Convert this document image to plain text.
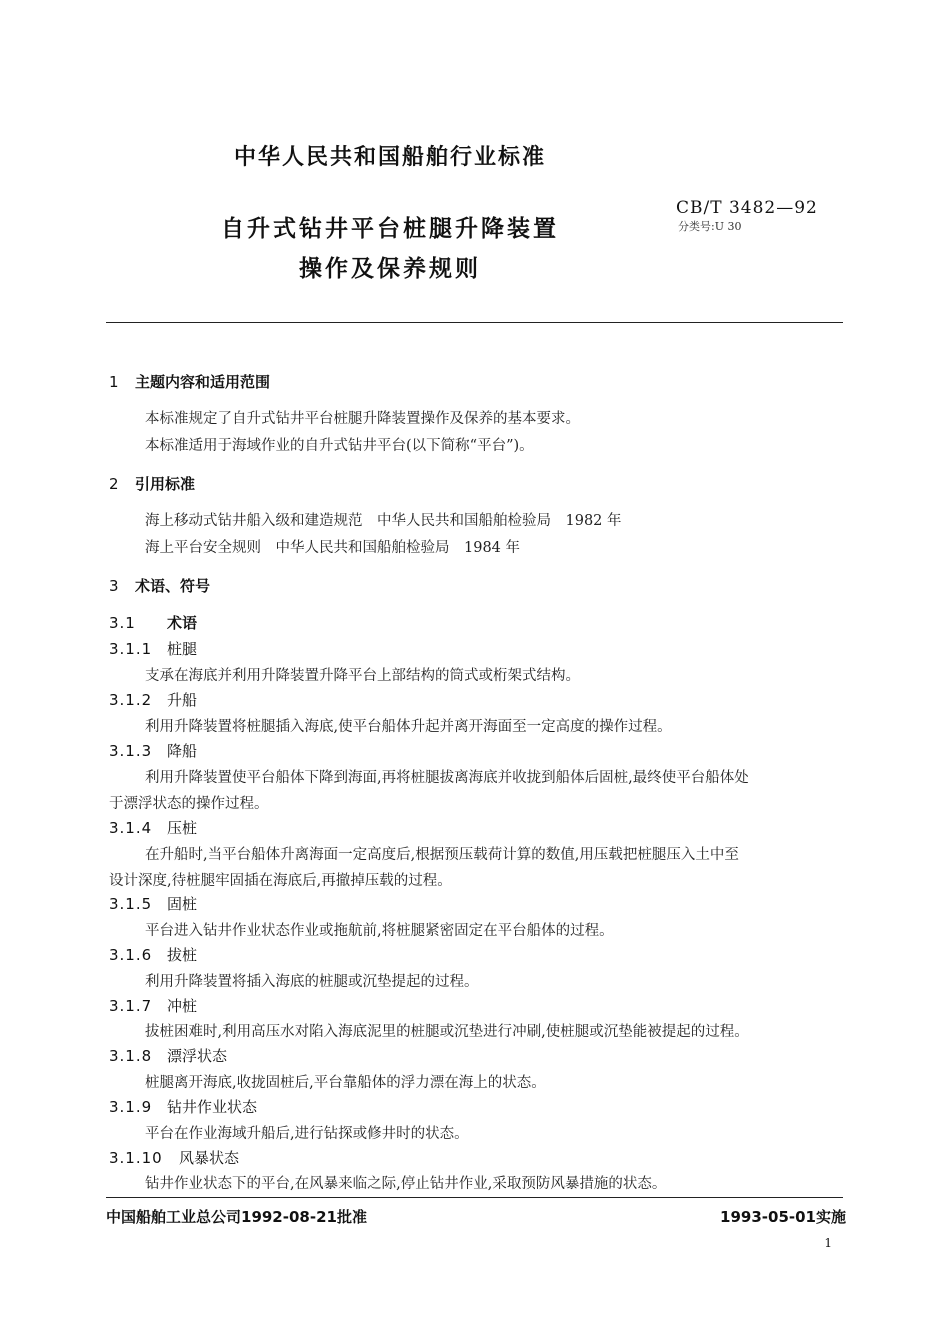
中华人民共和国船舶行业标准
自升式钻井平台桩腿升降装置
操作及保养规则
CB/T 3482—92
分类号:U 30
1 主题内容和适用范围
本标准规定了自升式钻井平台桩腿升降装置操作及保养的基本要求。
本标准适用于海域作业的自升式钻井平台(以下简称“平台”)。
2 引用标准
海上移动式钻井船入级和建造规范　中华人民共和国船舶检验局　1982 年
海上平台安全规则　中华人民共和国船舶检验局　1984 年
3 术语、符号
3.1 术语
3.1.1 桩腿
支承在海底并利用升降装置升降平台上部结构的筒式或桁架式结构。
3.1.2 升船
利用升降装置将桩腿插入海底,使平台船体升起并离开海面至一定高度的操作过程。
3.1.3 降船
利用升降装置使平台船体下降到海面,再将桩腿拔离海底并收拢到船体后固桩,最终使平台船体处
于漂浮状态的操作过程。
3.1.4 压桩
在升船时,当平台船体升离海面一定高度后,根据预压载荷计算的数值,用压载把桩腿压入土中至
设计深度,待桩腿牢固插在海底后,再撤掉压载的过程。
3.1.5 固桩
平台进入钻井作业状态作业或拖航前,将桩腿紧密固定在平台船体的过程。
3.1.6 拔桩
利用升降装置将插入海底的桩腿或沉垫提起的过程。
3.1.7 冲桩
拔桩困难时,利用高压水对陷入海底泥里的桩腿或沉垫进行冲刷,使桩腿或沉垫能被提起的过程。
3.1.8 漂浮状态
桩腿离开海底,收拢固桩后,平台靠船体的浮力漂在海上的状态。
3.1.9 钻井作业状态
平台在作业海域升船后,进行钻探或修井时的状态。
3.1.10 风暴状态
钻井作业状态下的平台,在风暴来临之际,停止钻井作业,采取预防风暴措施的状态。
中国船舶工业总公司1992-08-21批准	1993-05-01实施
1
